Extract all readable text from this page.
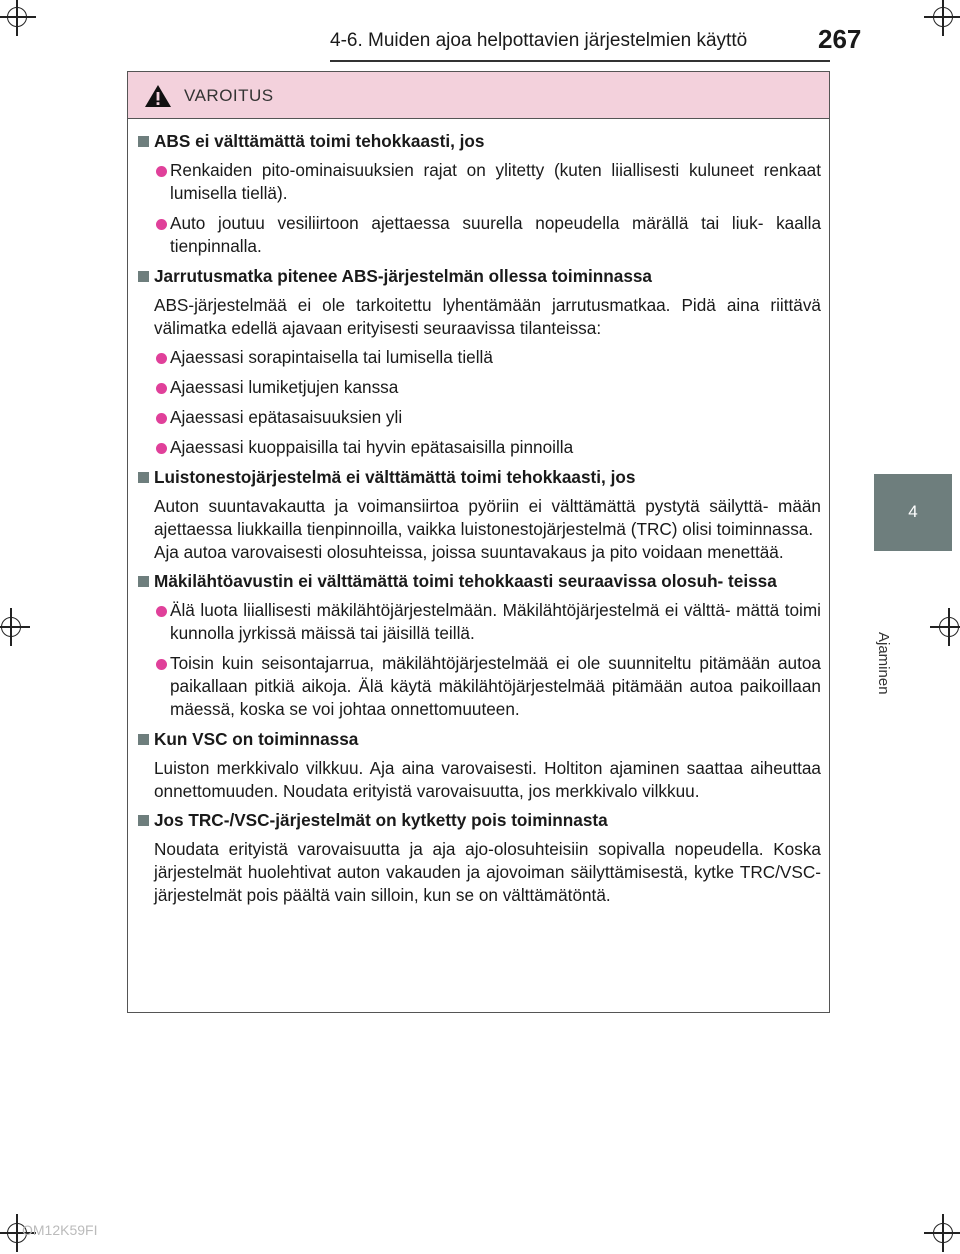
4-6. Muiden ajoa helpottavien järjestelmien käyttö	267
4
Ajaminen
VAROITUS
ABS ei välttämättä toimi tehokkaasti, jos
Renkaiden pito-ominaisuuksien rajat on ylitetty (kuten liiallisesti kuluneet renkaat lumisella tiellä).
Auto joutuu vesiliirtoon ajettaessa suurella nopeudella märällä tai liuk- kaalla tienpinnalla.
Jarrutusmatka pitenee ABS-järjestelmän ollessa toiminnassa
ABS-järjestelmää ei ole tarkoitettu lyhentämään jarrutusmatkaa. Pidä aina riittävä välimatka edellä ajavaan erityisesti seuraavissa tilanteissa:
Ajaessasi sorapintaisella tai lumisella tiellä
Ajaessasi lumiketjujen kanssa
Ajaessasi epätasaisuuksien yli
Ajaessasi kuoppaisilla tai hyvin epätasaisilla pinnoilla
Luistonestojärjestelmä ei välttämättä toimi tehokkaasti, jos
Auton suuntavakautta ja voimansiirtoa pyöriin ei välttämättä pystytä säilyttä- mään ajettaessa liukkailla tienpinnoilla, vaikka luistonestojärjestelmä (TRC) olisi toiminnassa.
Aja autoa varovaisesti olosuhteissa, joissa suuntavakaus ja pito voidaan menettää.
Mäkilähtöavustin ei välttämättä toimi tehokkaasti seuraavissa olosuh- teissa
Älä luota liiallisesti mäkilähtöjärjestelmään. Mäkilähtöjärjestelmä ei välttä- mättä toimi kunnolla jyrkissä mäissä tai jäisillä teillä.
Toisin kuin seisontajarrua, mäkilähtöjärjestelmää ei ole suunniteltu pitämään autoa paikallaan pitkiä aikoja. Älä käytä mäkilähtöjärjestelmää pitämään autoa paikoillaan mäessä, koska se voi johtaa onnettomuuteen.
Kun VSC on toiminnassa
Luiston merkkivalo vilkkuu. Aja aina varovaisesti. Holtiton ajaminen saattaa aiheuttaa onnettomuuden. Noudata erityistä varovaisuutta, jos merkkivalo vilkkuu.
Jos TRC-/VSC-järjestelmät on kytketty pois toiminnasta
Noudata erityistä varovaisuutta ja aja ajo-olosuhteisiin sopivalla nopeudella. Koska järjestelmät huolehtivat auton vakauden ja ajovoiman säilyttämisestä, kytke TRC/VSC-järjestelmät pois päältä vain silloin, kun se on välttämätöntä.
OM12K59FI
